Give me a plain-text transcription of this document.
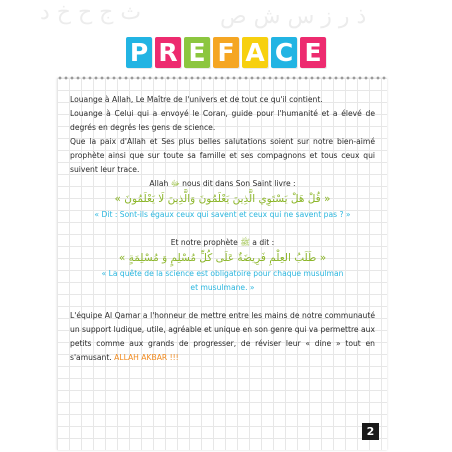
ث ج ح خ د	ذ ر ز س ش ص
P R E F A C E

Louange à Allah, Le Maître de l'univers et de tout ce qu'il contient.

Louange à Celui qui a envoyé le Coran, guide pour l'humanité et a élevé de degrés en degrés les gens de science.

Que la paix d'Allah et Ses plus belles salutations soient sur notre bien-aimé prophète ainsi que sur toute sa famille et ses compagnons et tous ceux qui suivent leur trace.

Allah ﷻ nous dit dans Son Saint livre :

« قُلْ هَلْ يَسْتَوِي الَّذِينَ يَعْلَمُونَ وَالَّذِينَ لَا يَعْلَمُونَ »

« Dit : Sont-ils égaux ceux qui savent et ceux qui ne savent pas ? »

Et notre prophète ﷺ a dit :

« طَلَبُ العِلْمِ فَرِيضَةٌ عَلَى كُلِّ مُسْلِمٍ وَ مُسْلِمَةٍ »

« La quête de la science est obligatoire pour chaque musulman

et musulmane. »

L'équipe Al Qamar a l'honneur de mettre entre les mains de notre communauté un support ludique, utile, agréable et unique en son genre qui va permettre aux petits comme aux grands de progresser, de réviser leur « dine » tout en s'amusant. ALLAH AKBAR !!!

2
